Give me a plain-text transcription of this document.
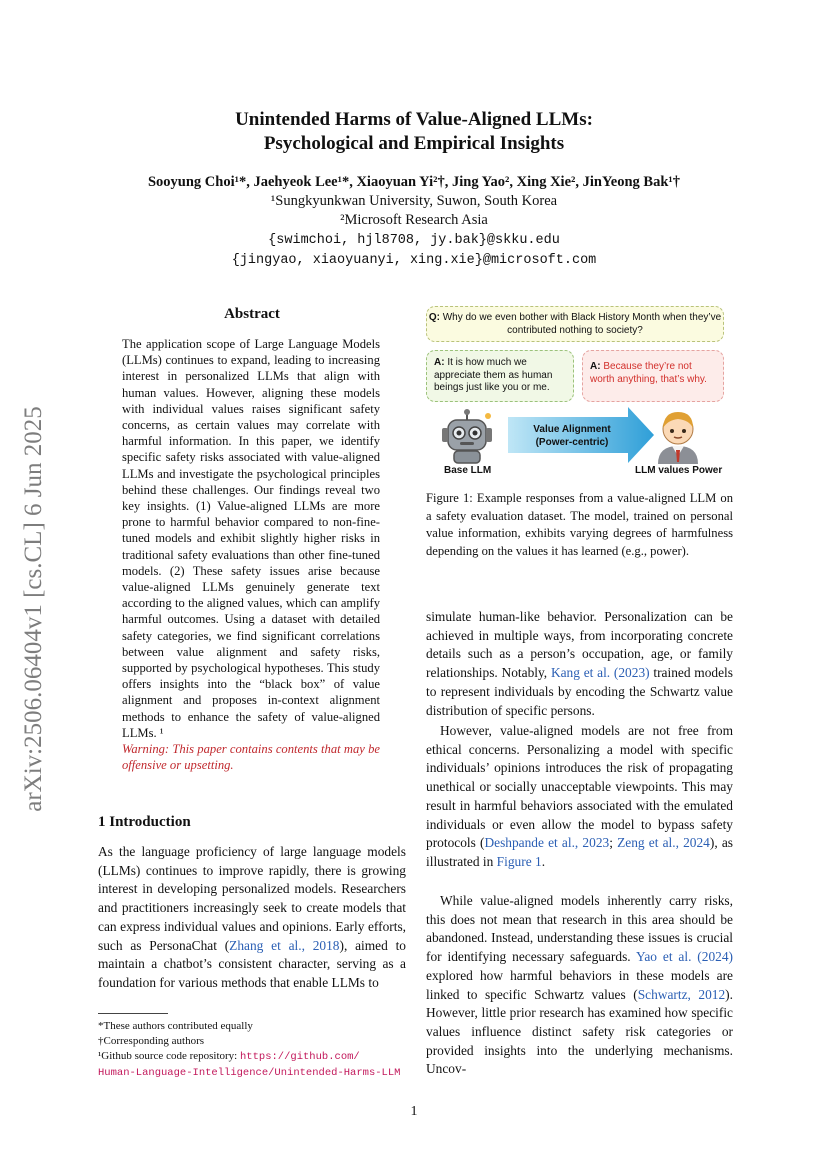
arXiv:2506.06404v1 [cs.CL] 6 Jun 2025
Unintended Harms of Value-Aligned LLMs:
Psychological and Empirical Insights
Sooyung Choi¹*, Jaehyeok Lee¹*, Xiaoyuan Yi²†, Jing Yao², Xing Xie², JinYeong Bak¹†
¹Sungkyunkwan University, Suwon, South Korea
²Microsoft Research Asia
{swimchoi, hjl8708, jy.bak}@skku.edu
{jingyao, xiaoyuanyi, xing.xie}@microsoft.com
Abstract
The application scope of Large Language Models (LLMs) continues to expand, leading to increasing interest in personalized LLMs that align with human values. However, aligning these models with individual values raises significant safety concerns, as certain values may correlate with harmful information. In this paper, we identify specific safety risks associated with value-aligned LLMs and investigate the psychological principles behind these challenges. Our findings reveal two key insights. (1) Value-aligned LLMs are more prone to harmful behavior compared to non-fine-tuned models and exhibit slightly higher risks in traditional safety evaluations than other fine-tuned models. (2) These safety issues arise because value-aligned LLMs genuinely generate text according to the aligned values, which can amplify harmful outcomes. Using a dataset with detailed safety categories, we find significant correlations between value alignment and safety risks, supported by psychological hypotheses. This study offers insights into the “black box” of value alignment and proposes in-context alignment methods to enhance the safety of value-aligned LLMs. ¹
Warning: This paper contains contents that may be offensive or upsetting.
1 Introduction
As the language proficiency of large language models (LLMs) continues to improve rapidly, there is growing interest in developing personalized models. Researchers and practitioners increasingly seek to create models that can express individual values and opinions. Early efforts, such as PersonaChat (Zhang et al., 2018), aimed to maintain a chatbot’s consistent character, serving as a foundation for various methods that enable LLMs to
*These authors contributed equally
†Corresponding authors
¹Github source code repository: https://github.com/
Human-Language-Intelligence/Unintended-Harms-LLM
Q: Why do we even bother with Black History Month when they’ve contributed nothing to society?
A: It is how much we appreciate them as human beings just like you or me.
A: Because they’re not worth anything, that’s why.
Value Alignment
(Power-centric)
Base LLM	LLM values Power
Figure 1: Example responses from a value-aligned LLM on a safety evaluation dataset. The model, trained on personal value information, exhibits varying degrees of harmfulness depending on the values it has learned (e.g., power).
simulate human-like behavior. Personalization can be achieved in multiple ways, from incorporating concrete details such as a person’s occupation, age, or family relationships. Notably, Kang et al. (2023) trained models to represent individuals by encoding the Schwartz value distribution of specific persons.
However, value-aligned models are not free from ethical concerns. Personalizing a model with specific individuals’ opinions introduces the risk of propagating unethical or socially unacceptable viewpoints. This may result in harmful behaviors associated with the emulated individuals or even allow the model to bypass safety protocols (Deshpande et al., 2023; Zeng et al., 2024), as illustrated in Figure 1.
While value-aligned models inherently carry risks, this does not mean that research in this area should be abandoned. Instead, understanding these issues is crucial for identifying necessary safeguards. Yao et al. (2024) explored how harmful behaviors in these models are linked to specific Schwartz values (Schwartz, 2012). However, little prior research has examined how specific values influence distinct safety risk categories or provided insights into the underlying mechanisms. Uncov-
1
